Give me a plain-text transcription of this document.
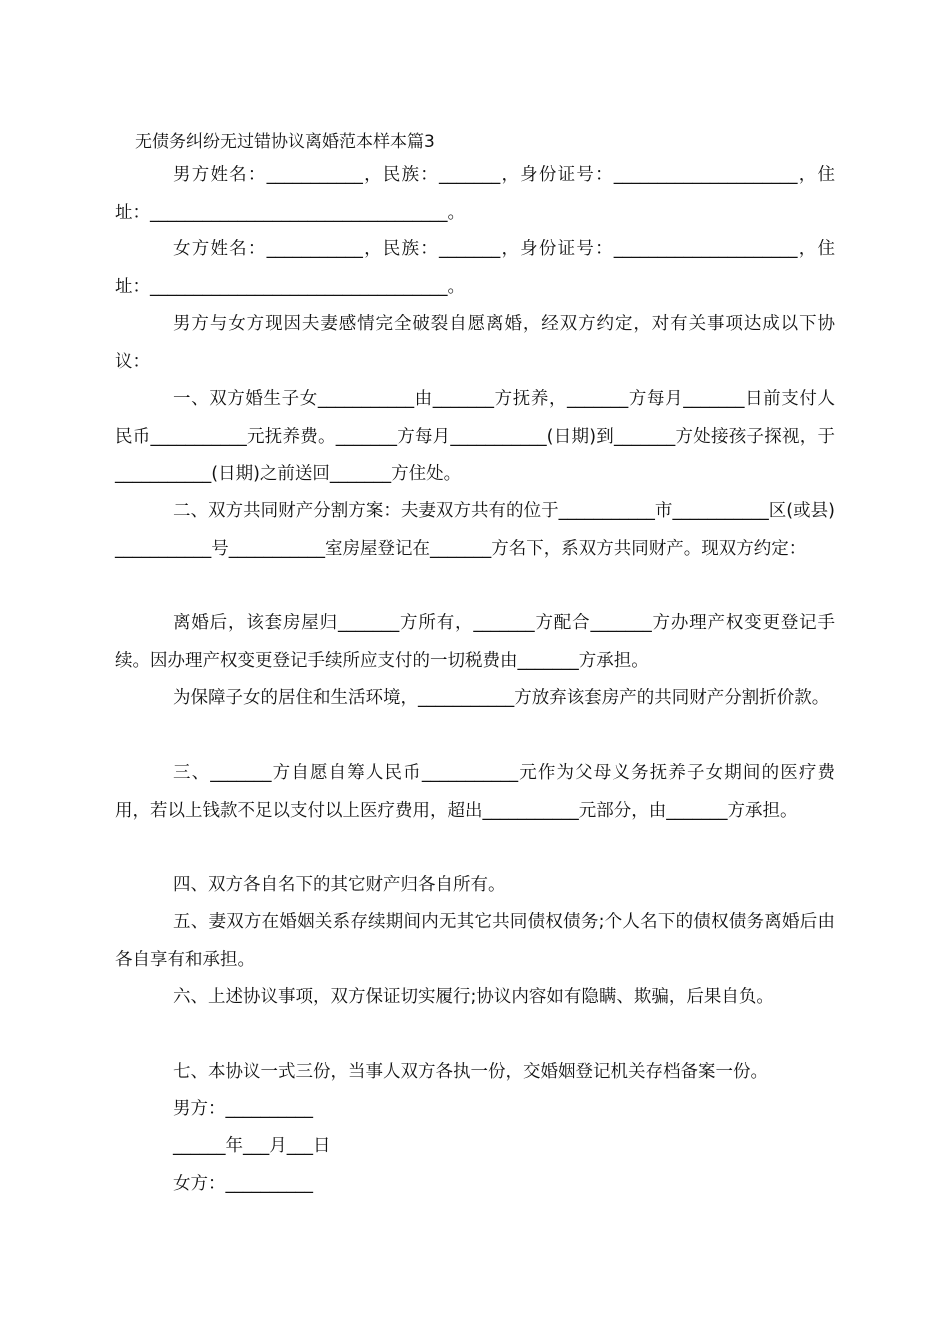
无债务纠纷无过错协议离婚范本样本篇3
男方姓名：___________，民族：_______，身份证号：_____________________，住址：__________________________________。
女方姓名：___________，民族：_______，身份证号：_____________________，住址：__________________________________。
男方与女方现因夫妻感情完全破裂自愿离婚，经双方约定，对有关事项达成以下协议：
一、双方婚生子女___________由_______方抚养，_______方每月_______日前支付人民币___________元抚养费。_______方每月___________(日期)到_______方处接孩子探视，于___________(日期)之前送回_______方住处。
二、双方共同财产分割方案：夫妻双方共有的位于___________市___________区(或县)___________号___________室房屋登记在_______方名下，系双方共同财产。现双方约定：
离婚后，该套房屋归_______方所有，_______方配合_______方办理产权变更登记手续。因办理产权变更登记手续所应支付的一切税费由_______方承担。
为保障子女的居住和生活环境，___________方放弃该套房产的共同财产分割折价款。
三、_______方自愿自筹人民币___________元作为父母义务抚养子女期间的医疗费用，若以上钱款不足以支付以上医疗费用，超出___________元部分，由_______方承担。
四、双方各自名下的其它财产归各自所有。
五、妻双方在婚姻关系存续期间内无其它共同债权债务;个人名下的债权债务离婚后由各自享有和承担。
六、上述协议事项，双方保证切实履行;协议内容如有隐瞒、欺骗，后果自负。
七、本协议一式三份，当事人双方各执一份，交婚姻登记机关存档备案一份。
男方：__________
______年___月___日
女方：__________
